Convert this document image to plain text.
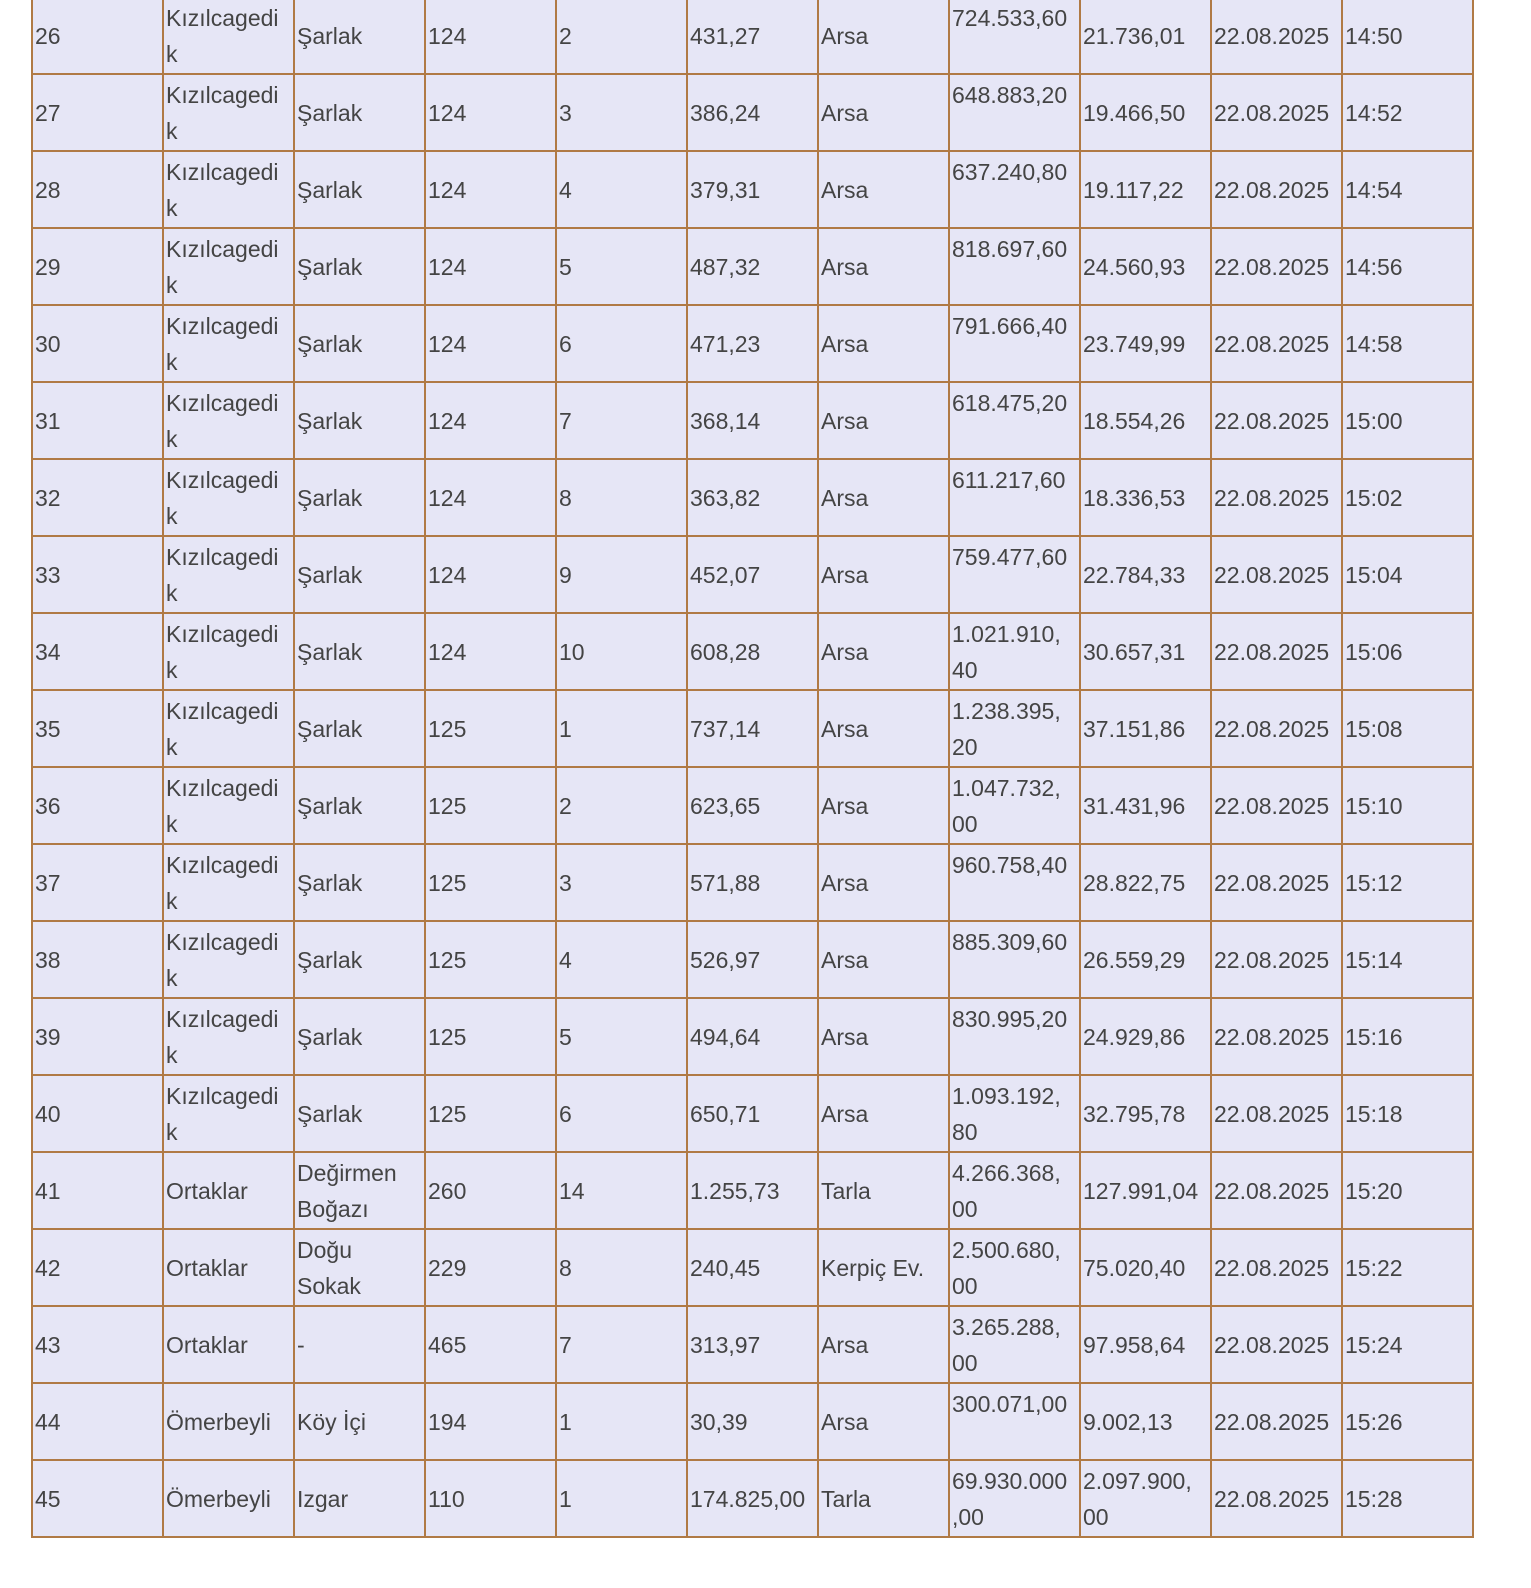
26	Kızılcagedi k	Şarlak	124	2	431,27	Arsa	724.533,60	21.736,01	22.08.2025	14:50
27	Kızılcagedi k	Şarlak	124	3	386,24	Arsa	648.883,20	19.466,50	22.08.2025	14:52
28	Kızılcagedi k	Şarlak	124	4	379,31	Arsa	637.240,80	19.117,22	22.08.2025	14:54
29	Kızılcagedi k	Şarlak	124	5	487,32	Arsa	818.697,60	24.560,93	22.08.2025	14:56
30	Kızılcagedi k	Şarlak	124	6	471,23	Arsa	791.666,40	23.749,99	22.08.2025	14:58
31	Kızılcagedi k	Şarlak	124	7	368,14	Arsa	618.475,20	18.554,26	22.08.2025	15:00
32	Kızılcagedi k	Şarlak	124	8	363,82	Arsa	611.217,60	18.336,53	22.08.2025	15:02
33	Kızılcagedi k	Şarlak	124	9	452,07	Arsa	759.477,60	22.784,33	22.08.2025	15:04
34	Kızılcagedi k	Şarlak	124	10	608,28	Arsa	1.021.910, 40	30.657,31	22.08.2025	15:06
35	Kızılcagedi k	Şarlak	125	1	737,14	Arsa	1.238.395, 20	37.151,86	22.08.2025	15:08
36	Kızılcagedi k	Şarlak	125	2	623,65	Arsa	1.047.732, 00	31.431,96	22.08.2025	15:10
37	Kızılcagedi k	Şarlak	125	3	571,88	Arsa	960.758,40	28.822,75	22.08.2025	15:12
38	Kızılcagedi k	Şarlak	125	4	526,97	Arsa	885.309,60	26.559,29	22.08.2025	15:14
39	Kızılcagedi k	Şarlak	125	5	494,64	Arsa	830.995,20	24.929,86	22.08.2025	15:16
40	Kızılcagedi k	Şarlak	125	6	650,71	Arsa	1.093.192, 80	32.795,78	22.08.2025	15:18
41	Ortaklar	Değirmen Boğazı	260	14	1.255,73	Tarla	4.266.368, 00	127.991,04	22.08.2025	15:20
42	Ortaklar	Doğu Sokak	229	8	240,45	Kerpiç Ev.	2.500.680, 00	75.020,40	22.08.2025	15:22
43	Ortaklar	-	465	7	313,97	Arsa	3.265.288, 00	97.958,64	22.08.2025	15:24
44	Ömerbeyli	Köy İçi	194	1	30,39	Arsa	300.071,00	9.002,13	22.08.2025	15:26
45	Ömerbeyli	Izgar	110	1	174.825,00	Tarla	69.930.000 ,00	2.097.900, 00	22.08.2025	15:28
